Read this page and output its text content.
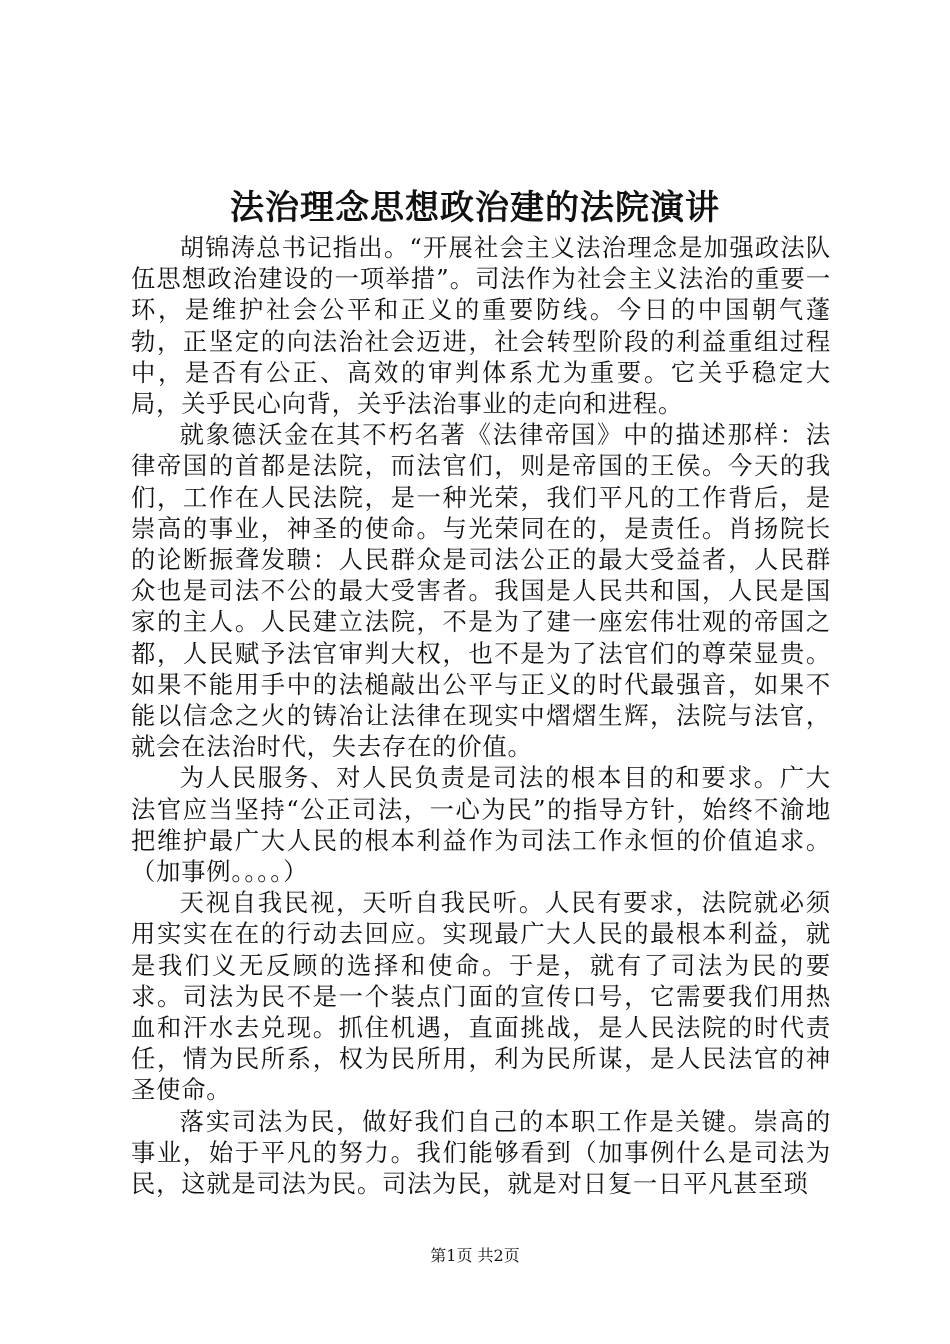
法治理念思想政治建的法院演讲

胡锦涛总书记指出。“开展社会主义法治理念是加强政法队伍思想政治建设的一项举措”。司法作为社会主义法治的重要一环，是维护社会公平和正义的重要防线。今日的中国朝气蓬勃，正坚定的向法治社会迈进，社会转型阶段的利益重组过程中，是否有公正、高效的审判体系尤为重要。它关乎稳定大局，关乎民心向背，关乎法治事业的走向和进程。

就象德沃金在其不朽名著《法律帝国》中的描述那样：法律帝国的首都是法院，而法官们，则是帝国的王侯。今天的我们，工作在人民法院，是一种光荣，我们平凡的工作背后，是崇高的事业，神圣的使命。与光荣同在的，是责任。肖扬院长的论断振聋发聩：人民群众是司法公正的最大受益者，人民群众也是司法不公的最大受害者。我国是人民共和国，人民是国家的主人。人民建立法院，不是为了建一座宏伟壮观的帝国之都，人民赋予法官审判大权，也不是为了法官们的尊荣显贵。如果不能用手中的法槌敲出公平与正义的时代最强音，如果不能以信念之火的铸冶让法律在现实中熠熠生辉，法院与法官，就会在法治时代，失去存在的价值。

为人民服务、对人民负责是司法的根本目的和要求。广大法官应当坚持“公正司法，一心为民”的指导方针，始终不渝地把维护最广大人民的根本利益作为司法工作永恒的价值追求。（加事例。。。。）

天视自我民视，天听自我民听。人民有要求，法院就必须用实实在在的行动去回应。实现最广大人民的最根本利益，就是我们义无反顾的选择和使命。于是，就有了司法为民的要求。司法为民不是一个装点门面的宣传口号，它需要我们用热血和汗水去兑现。抓住机遇，直面挑战，是人民法院的时代责任，情为民所系，权为民所用，利为民所谋，是人民法官的神圣使命。

落实司法为民，做好我们自己的本职工作是关键。崇高的事业，始于平凡的努力。我们能够看到（加事例什么是司法为民，这就是司法为民。司法为民，就是对日复一日平凡甚至琐

第1页 共2页
